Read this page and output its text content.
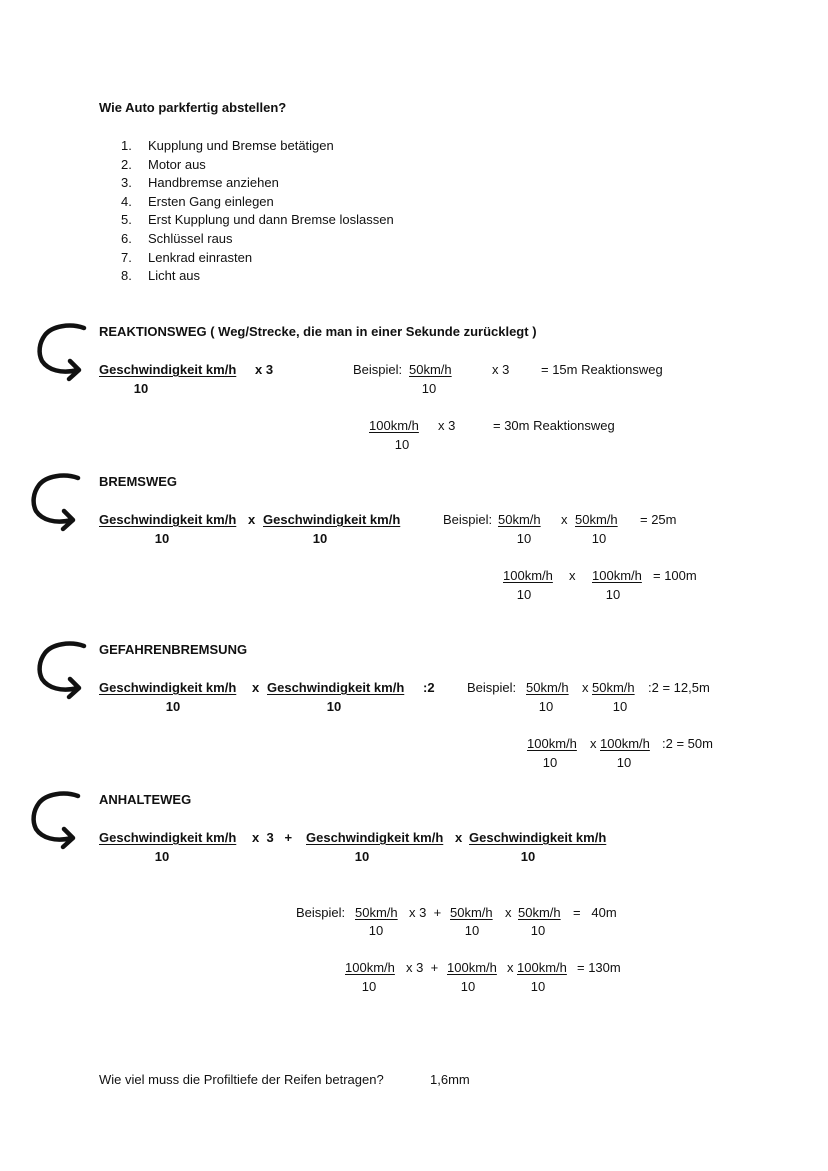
Wie Auto parkfertig abstellen?
1. Kupplung und Bremse betätigen
2. Motor aus
3. Handbremse anziehen
4. Ersten Gang einlegen
5. Erst Kupplung und dann Bremse loslassen
6. Schlüssel raus
7. Lenkrad einrasten
8. Licht aus
REAKTIONSWEG ( Weg/Strecke, die man in einer Sekunde zurücklegt )
Geschwindigkeit km/h x 3
10
Beispiel: 50km/h
10
x 3 = 15m Reaktionsweg
100km/h x 3
10
= 30m Reaktionsweg
BREMSWEG
Geschwindigkeit km/h x Geschwindigkeit km/h
10	10
Beispiel: 50km/h x 50km/h = 25m
10	10
100km/h x 100km/h = 100m
10	10
GEFAHRENBREMSUNG
Geschwindigkeit km/h x Geschwindigkeit km/h :2
10	10
Beispiel: 50km/h x 50km/h :2 = 12,5m
10	10
100km/h x 100km/h :2 = 50m
10	10
ANHALTEWEG
Geschwindigkeit km/h x  3   + Geschwindigkeit km/h x Geschwindigkeit km/h
10	10	10
Beispiel: 50km/h x 3  + 50km/h x 50km/h =   40m
10	10	10
100km/h x 3  + 100km/h x 100km/h = 130m
10	10	10
Wie viel muss die Profiltiefe der Reifen betragen?	1,6mm
